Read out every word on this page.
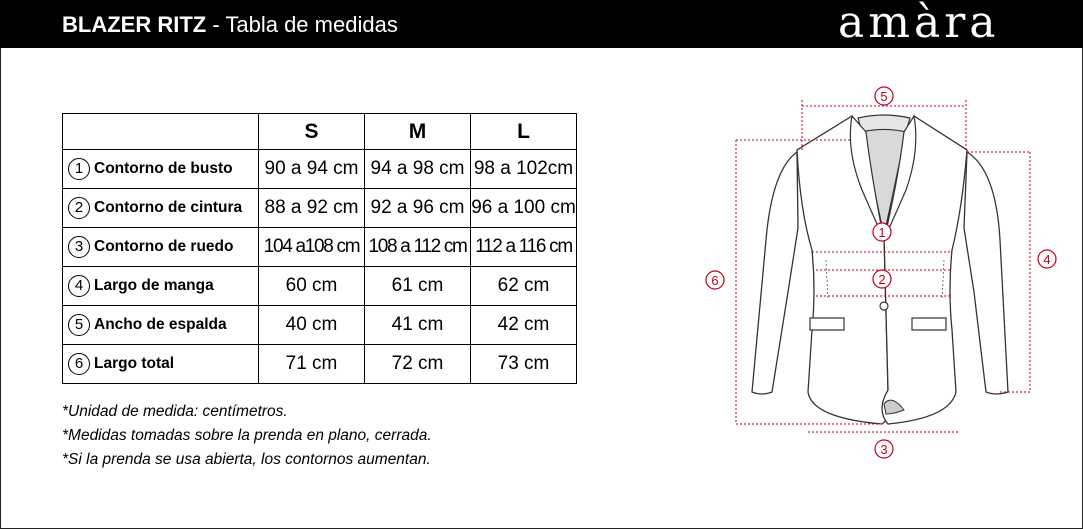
BLAZER RITZ - Tabla de medidas	amàra
	S	M	L
1 Contorno de busto	90 a 94 cm	94 a 98 cm	98 a 102cm
2 Contorno de cintura	88 a 92 cm	92 a 96 cm	96 a 100 cm
3 Contorno de ruedo	104 a108 cm	108 a 112 cm	112 a 116 cm
4 Largo de manga	60 cm	61 cm	62 cm
5 Ancho de espalda	40 cm	41 cm	42 cm
6 Largo total	71 cm	72 cm	73 cm
*Unidad de medida: centímetros.
*Medidas tomadas sobre la prenda en plano, cerrada.
*Si la prenda se usa abierta, los contornos aumentan.
5
1
2
3
4
6
